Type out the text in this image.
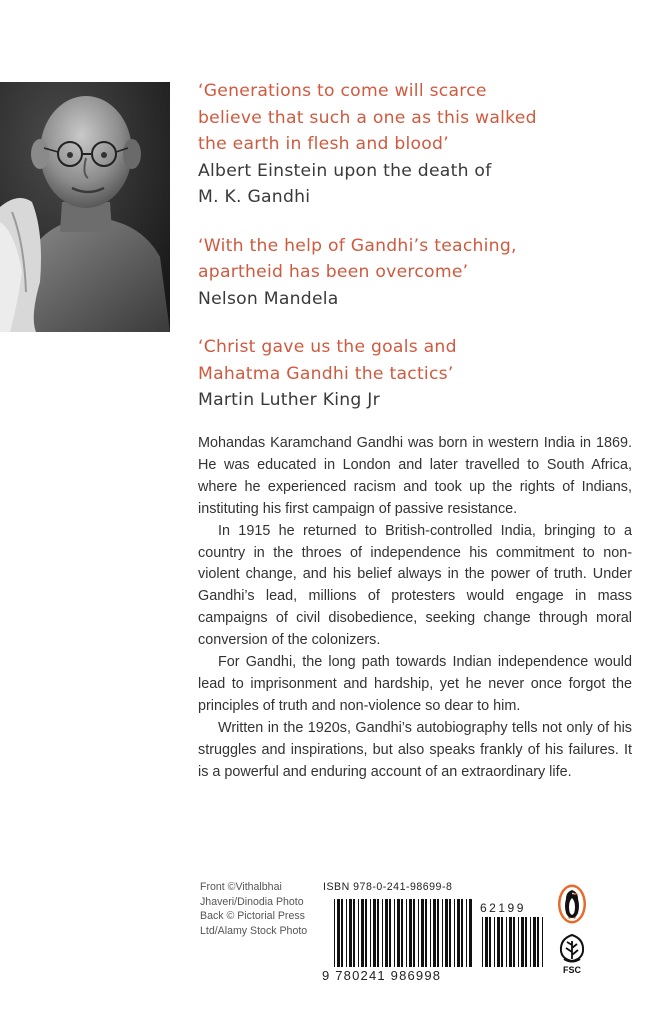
‘Generations to come will scarce
believe that such a one as this walked
the earth in flesh and blood’
Albert Einstein upon the death of
M. K. Gandhi
‘With the help of Gandhi’s teaching,
apartheid has been overcome’
Nelson Mandela
‘Christ gave us the goals and
Mahatma Gandhi the tactics’
Martin Luther King Jr

Mohandas Karamchand Gandhi was born in western India in 1869. He was educated in London and later travelled to South Africa, where he experienced racism and took up the rights of Indians, instituting his first campaign of passive resistance.

In 1915 he returned to British-controlled India, bringing to a country in the throes of independence his commitment to non-violent change, and his belief always in the power of truth. Under Gandhi’s lead, millions of protesters would engage in mass campaigns of civil disobedience, seeking change through moral conversion of the colonizers.

For Gandhi, the long path towards Indian independence would lead to imprisonment and hardship, yet he never once forgot the principles of truth and non-violence so dear to him.

Written in the 1920s, Gandhi’s autobiography tells not only of his struggles and inspirations, but also speaks frankly of his failures. It is a powerful and enduring account of an extraordinary life.

Front ©Vithalbhai
Jhaveri/Dinodia Photo
Back © Pictorial Press
Ltd/Alamy Stock Photo
ISBN 978-0-241-98699-8
62199
9 780241 986998	FSC
